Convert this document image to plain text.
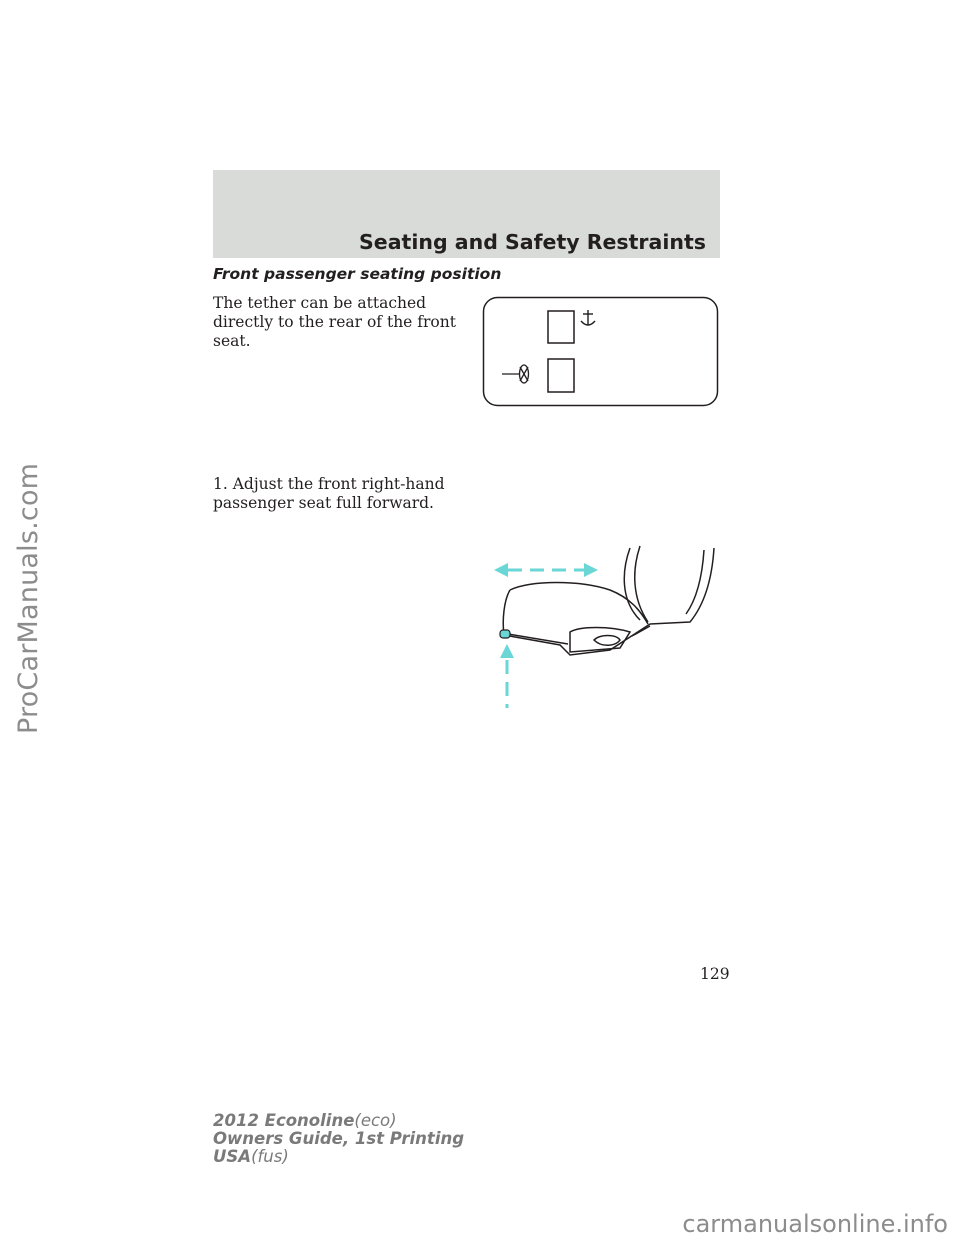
ProCarManuals.com
Seating and Safety Restraints
Front passenger seating position
The tether can be attached directly to the rear of the front seat.
1. Adjust the front right-hand passenger seat full forward.
129
2012 Econoline(eco)
Owners Guide, 1st Printing
USA(fus)
carmanualsonline.info
